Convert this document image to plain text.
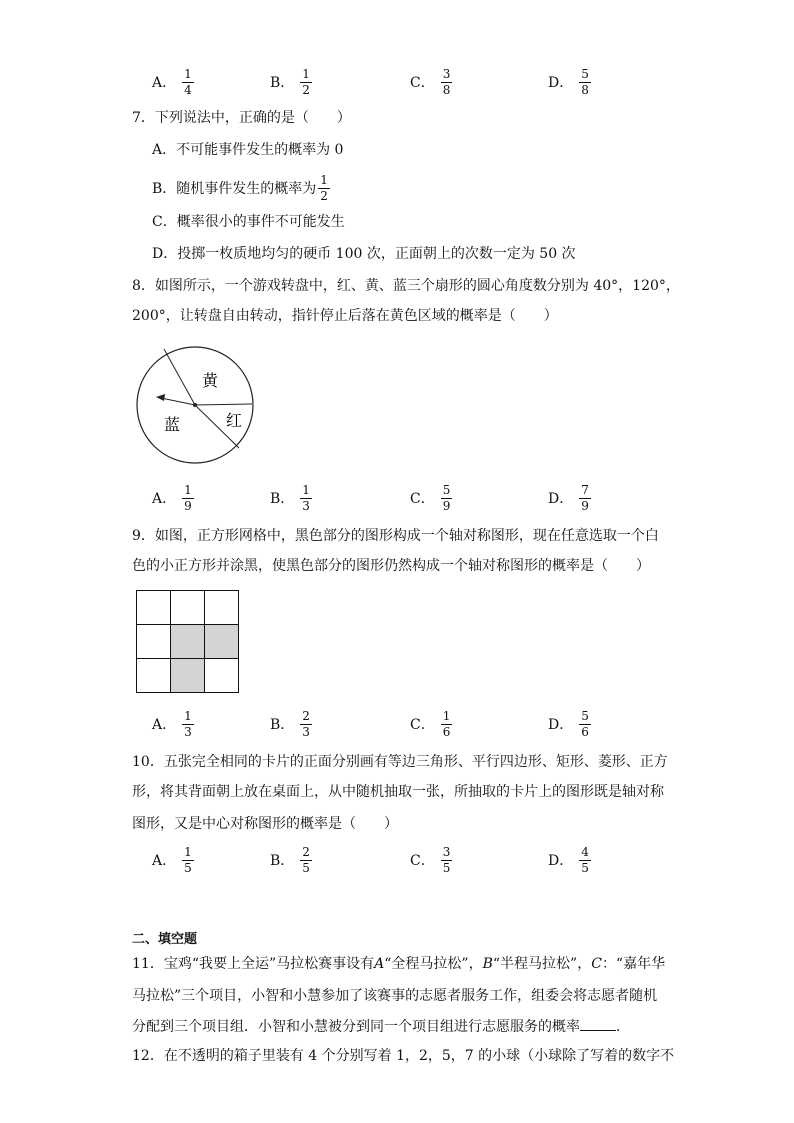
A． $\frac{1}{4}$	B． $\frac{1}{2}$	C． $\frac{3}{8}$	D． $\frac{5}{8}$
7．下列说法中，正确的是（　　）
A．不可能事件发生的概率为 0
B．随机事件发生的概率为 $\frac{1}{2}$
C．概率很小的事件不可能发生
D．投掷一枚质地均匀的硬币 100 次，正面朝上的次数一定为 50 次
8．如图所示，一个游戏转盘中，红、黄、蓝三个扇形的圆心角度数分别为 40°，120°，
200°，让转盘自由转动，指针停止后落在黄色区域的概率是（　　）
黄
红
蓝
A． $\frac{1}{9}$	B． $\frac{1}{3}$	C． $\frac{5}{9}$	D． $\frac{7}{9}$
9．如图，正方形网格中，黑色部分的图形构成一个轴对称图形，现在任意选取一个白
色的小正方形并涂黑，使黑色部分的图形仍然构成一个轴对称图形的概率是（　　）
A． $\frac{1}{3}$	B． $\frac{2}{3}$	C． $\frac{1}{6}$	D． $\frac{5}{6}$
10．五张完全相同的卡片的正面分别画有等边三角形、平行四边形、矩形、菱形、正方
形，将其背面朝上放在桌面上，从中随机抽取一张，所抽取的卡片上的图形既是轴对称
图形，又是中心对称图形的概率是（　　）
A． $\frac{1}{5}$	B． $\frac{2}{5}$	C． $\frac{3}{5}$	D． $\frac{4}{5}$
二、填空题
11．宝鸡“我要上全运”马拉松赛事设有A“全程马拉松”，B“半程马拉松”，C：“嘉年华
马拉松”三个项目，小智和小慧参加了该赛事的志愿者服务工作，组委会将志愿者随机
分配到三个项目组．小智和小慧被分到同一个项目组进行志愿服务的概率	．
12．在不透明的箱子里装有 4 个分别写着 1，2，5，7 的小球（小球除了写着的数字不
